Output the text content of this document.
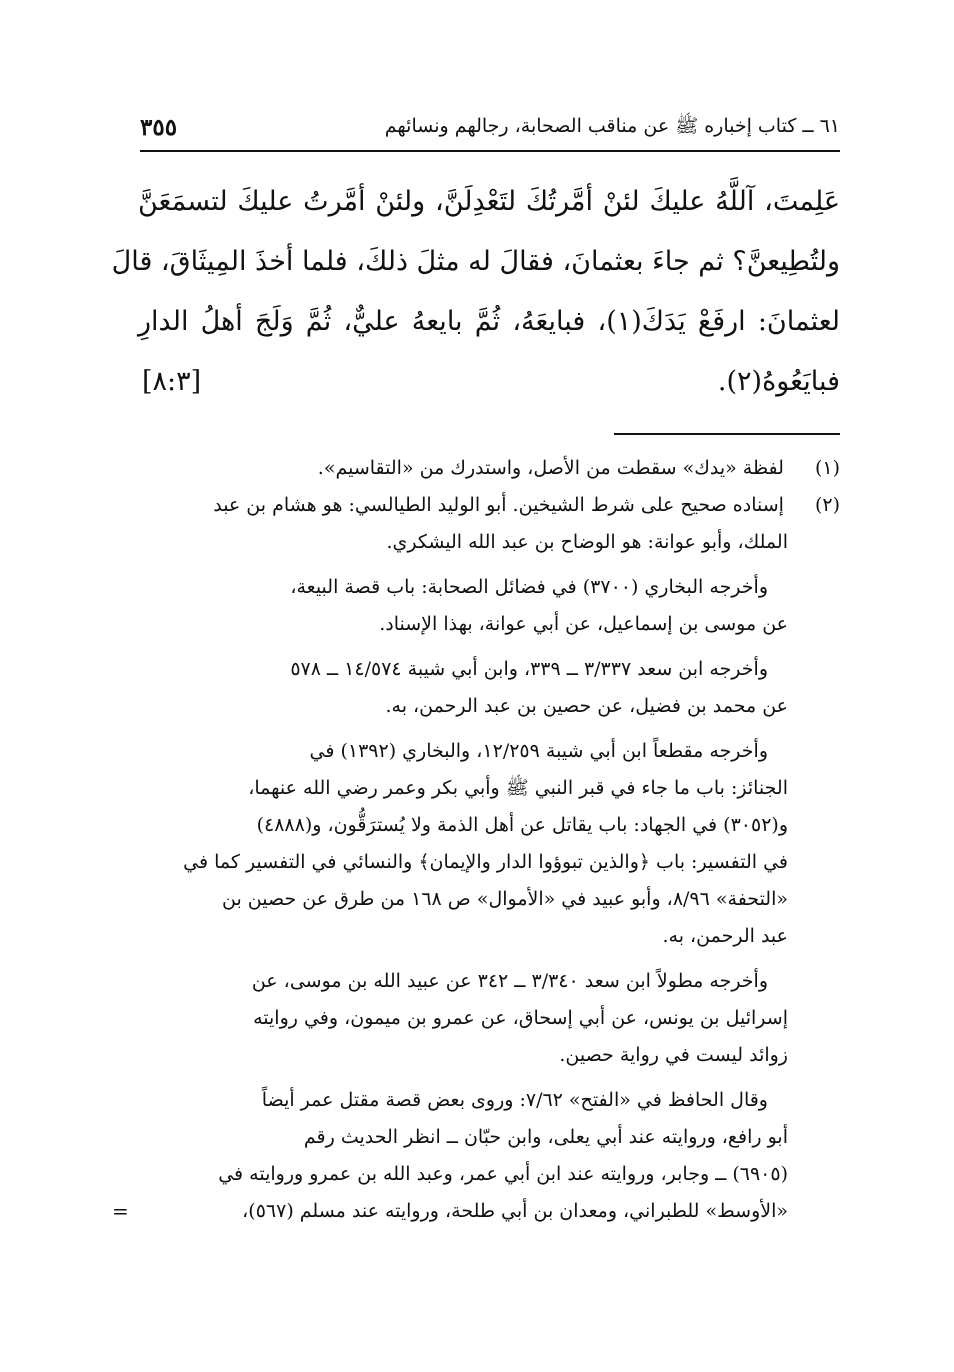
٦١ ــ كتاب إخباره ﷺ عن مناقب الصحابة، رجالهم ونسائهم
٣٥٥
عَلِمتَ، آللَّهُ عليكَ لئنْ أمَّرتُكَ لتَعْدِلَنَّ، ولئنْ أمَّرتُ عليكَ لتسمَعَنَّ
ولتُطِيعنَّ؟ ثم جاءَ بعثمانَ، فقالَ له مثلَ ذلكَ، فلما أخذَ المِيثَاقَ، قالَ
لعثمانَ: ارفَعْ يَدَكَ(١)، فبايعَهُ، ثُمَّ بايعهُ عليٌّ، ثُمَّ وَلَجَ أهلُ الدارِ
فبايَعُوهُ(٢).
[٨:٣]
(١) لفظة «يدك» سقطت من الأصل، واستدرك من «التقاسيم».
(٢) إسناده صحيح على شرط الشيخين. أبو الوليد الطيالسي: هو هشام بن عبد
الملك، وأبو عوانة: هو الوضاح بن عبد الله اليشكري.
وأخرجه البخاري (٣٧٠٠) في فضائل الصحابة: باب قصة البيعة،
عن موسى بن إسماعيل، عن أبي عوانة، بهذا الإسناد.
وأخرجه ابن سعد ٣/٣٣٧ ــ ٣٣٩، وابن أبي شيبة ١٤/٥٧٤ ــ ٥٧٨
عن محمد بن فضيل، عن حصين بن عبد الرحمن، به.
وأخرجه مقطعاً ابن أبي شيبة ١٢/٢٥٩، والبخاري (١٣٩٢) في
الجنائز: باب ما جاء في قبر النبي ﷺ وأبي بكر وعمر رضي الله عنهما،
و(٣٠٥٢) في الجهاد: باب يقاتل عن أهل الذمة ولا يُسترَقُّون، و(٤٨٨٨)
في التفسير: باب ﴿والذين تبوؤوا الدار والإيمان﴾ والنسائي في التفسير كما في
«التحفة» ٨/٩٦، وأبو عبيد في «الأموال» ص ١٦٨ من طرق عن حصين بن
عبد الرحمن، به.
وأخرجه مطولاً ابن سعد ٣/٣٤٠ ــ ٣٤٢ عن عبيد الله بن موسى، عن
إسرائيل بن يونس، عن أبي إسحاق، عن عمرو بن ميمون، وفي روايته
زوائد ليست في رواية حصين.
وقال الحافظ في «الفتح» ٧/٦٢: وروى بعض قصة مقتل عمر أيضاً
أبو رافع، وروايته عند أبي يعلى، وابن حبّان ــ انظر الحديث رقم
(٦٩٠٥) ــ وجابر، وروايته عند ابن أبي عمر، وعبد الله بن عمرو وروايته في
«الأوسط» للطبراني، ومعدان بن أبي طلحة، وروايته عند مسلم (٥٦٧)،
=
